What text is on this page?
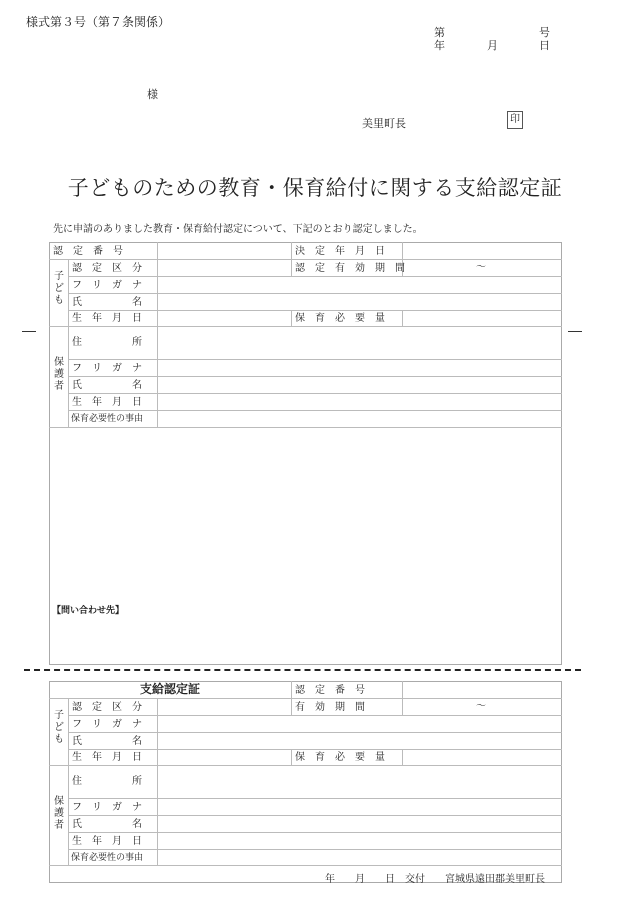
様式第３号（第７条関係）
第	号
年	月	日
様
美里町長	印
子どものための教育・保育給付に関する支給認定証
先に申請のありました教育・保育給付認定について、下記のとおり認定しました。
認　定　番　号	決　定　年　月　日
子ども
認　定　区　分	認　定　有　効　期　間	～
フ　リ　ガ　ナ
氏　　　　　名
生　年　月　日	保　育　必　要　量
保護者
住　　　　　所
フ　リ　ガ　ナ
氏　　　　　名
生　年　月　日
保育必要性の事由
【問い合わせ先】
支給認定証	認　定　番　号
子ども
認　定　区　分	有　効　期　間	～
フ　リ　ガ　ナ
氏　　　　　名
生　年　月　日	保　育　必　要　量
保護者
住　　　　　所
フ　リ　ガ　ナ
氏　　　　　名
生　年　月　日
保育必要性の事由
年　　月　　日　交付　　宮城県遠田郡美里町長
